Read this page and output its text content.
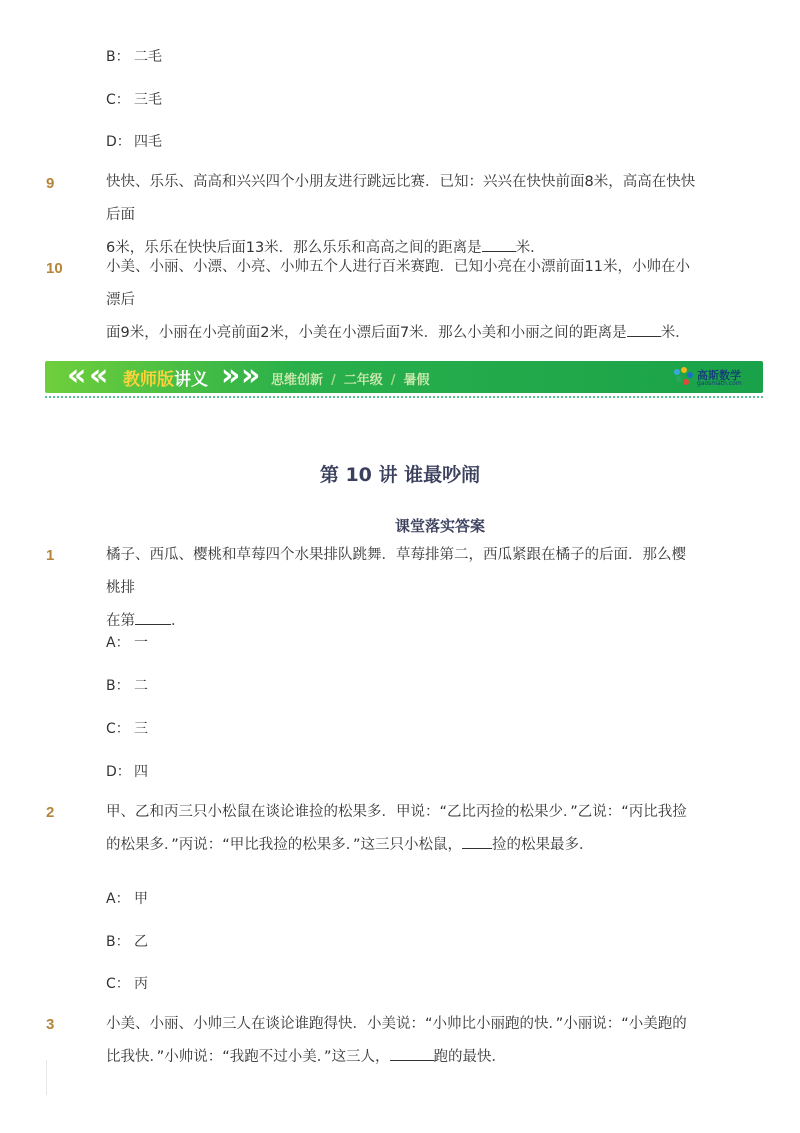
B： 二毛
C： 三毛
D： 四毛
9	快快、乐乐、高高和兴兴四个小朋友进行跳远比赛．已知：兴兴在快快前面8米，高高在快快后面
6米，乐乐在快快后面13米．那么乐乐和高高之间的距离是 米．
10	小美、小丽、小漂、小亮、小帅五个人进行百米赛跑．已知小亮在小漂前面11米，小帅在小漂后
面9米，小丽在小亮前面2米，小美在小漂后面7米．那么小美和小丽之间的距离是 米．
« « 教师版讲义 » » 思维创新 / 二年级 / 暑假	高斯数学
gaosmath.com
第 10 讲 谁最吵闹
课堂落实答案
1	橘子、西瓜、樱桃和草莓四个水果排队跳舞．草莓排第二，西瓜紧跟在橘子的后面．那么樱桃排
在第 ．
A： 一
B： 二
C： 三
D： 四
2	甲、乙和丙三只小松鼠在谈论谁捡的松果多．甲说：“乙比丙捡的松果少．”乙说：“丙比我捡
的松果多．”丙说：“甲比我捡的松果多．”这三只小松鼠， 捡的松果最多．
A： 甲
B： 乙
C： 丙
3	小美、小丽、小帅三人在谈论谁跑得快．小美说：“小帅比小丽跑的快．”小丽说：“小美跑的
比我快．”小帅说：“我跑不过小美．”这三人，	跑的最快．
